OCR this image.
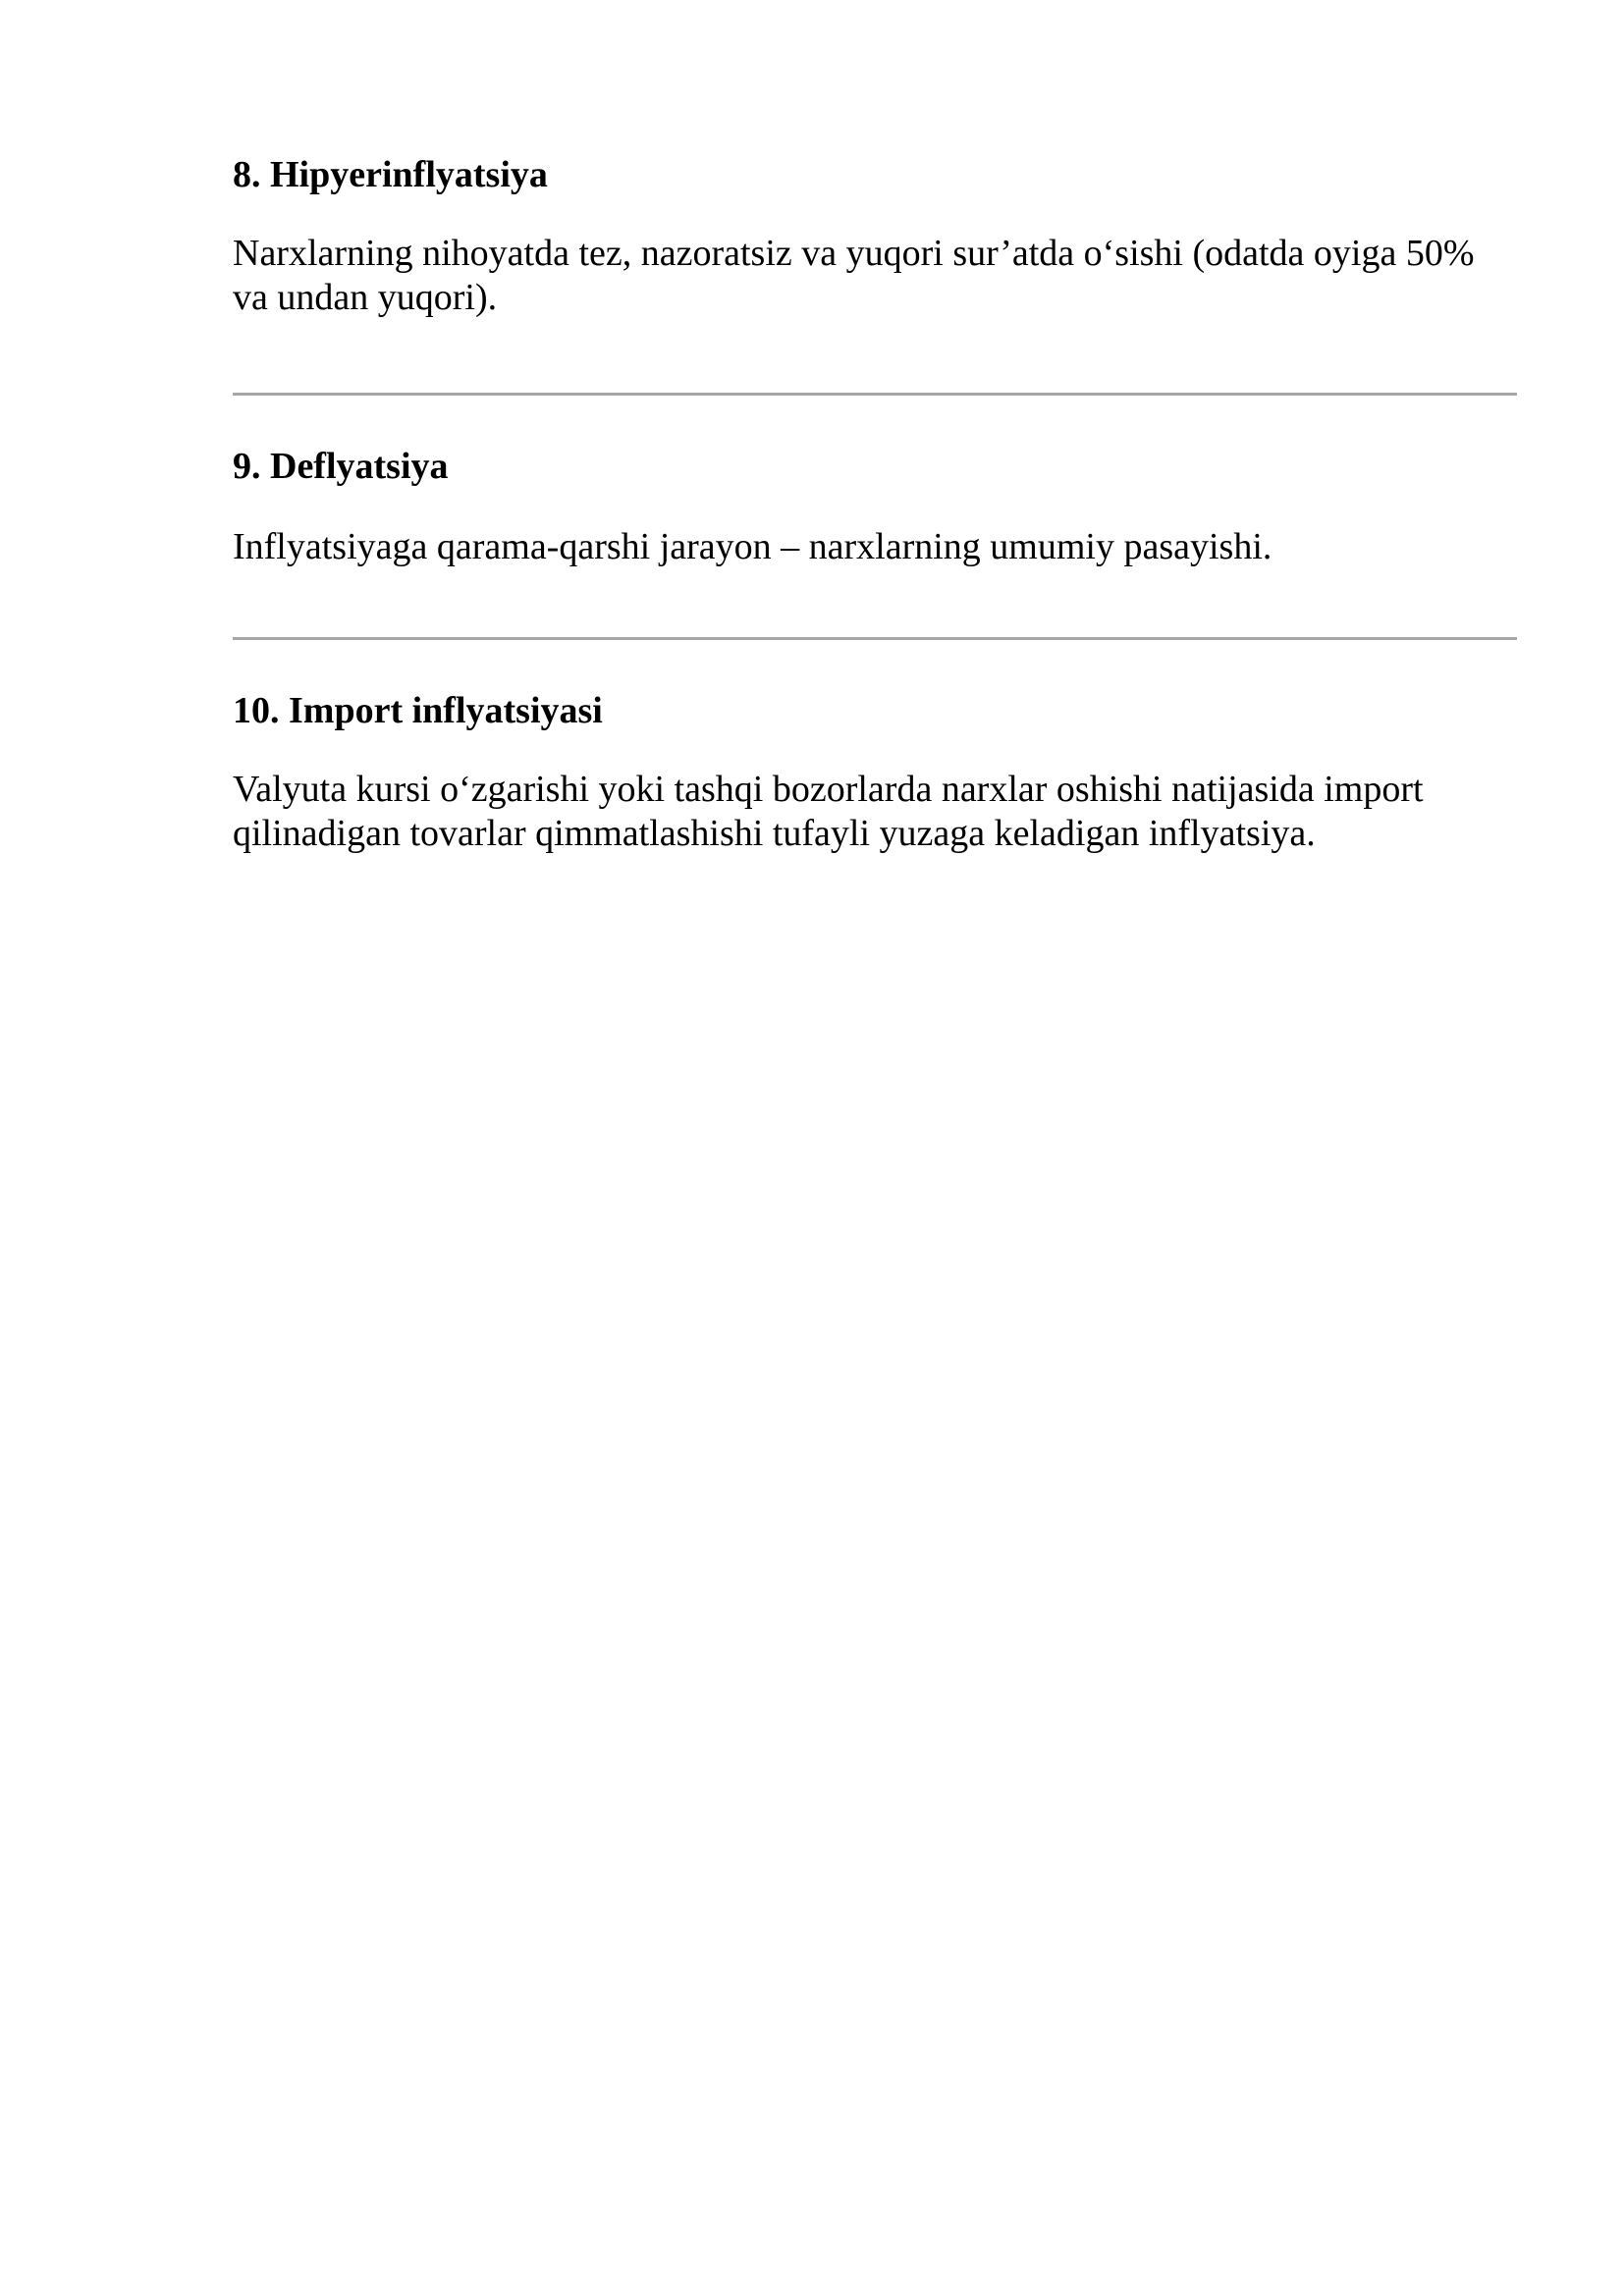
8. Hipyerinflyatsiya

Narxlarning nihoyatda tez, nazoratsiz va yuqori sur’atda o‘sishi (odatda oyiga 50% va undan yuqori).

9. Deflyatsiya

Inflyatsiyaga qarama-qarshi jarayon – narxlarning umumiy pasayishi.

10. Import inflyatsiyasi

Valyuta kursi o‘zgarishi yoki tashqi bozorlarda narxlar oshishi natijasida import qilinadigan tovarlar qimmatlashishi tufayli yuzaga keladigan inflyatsiya.
